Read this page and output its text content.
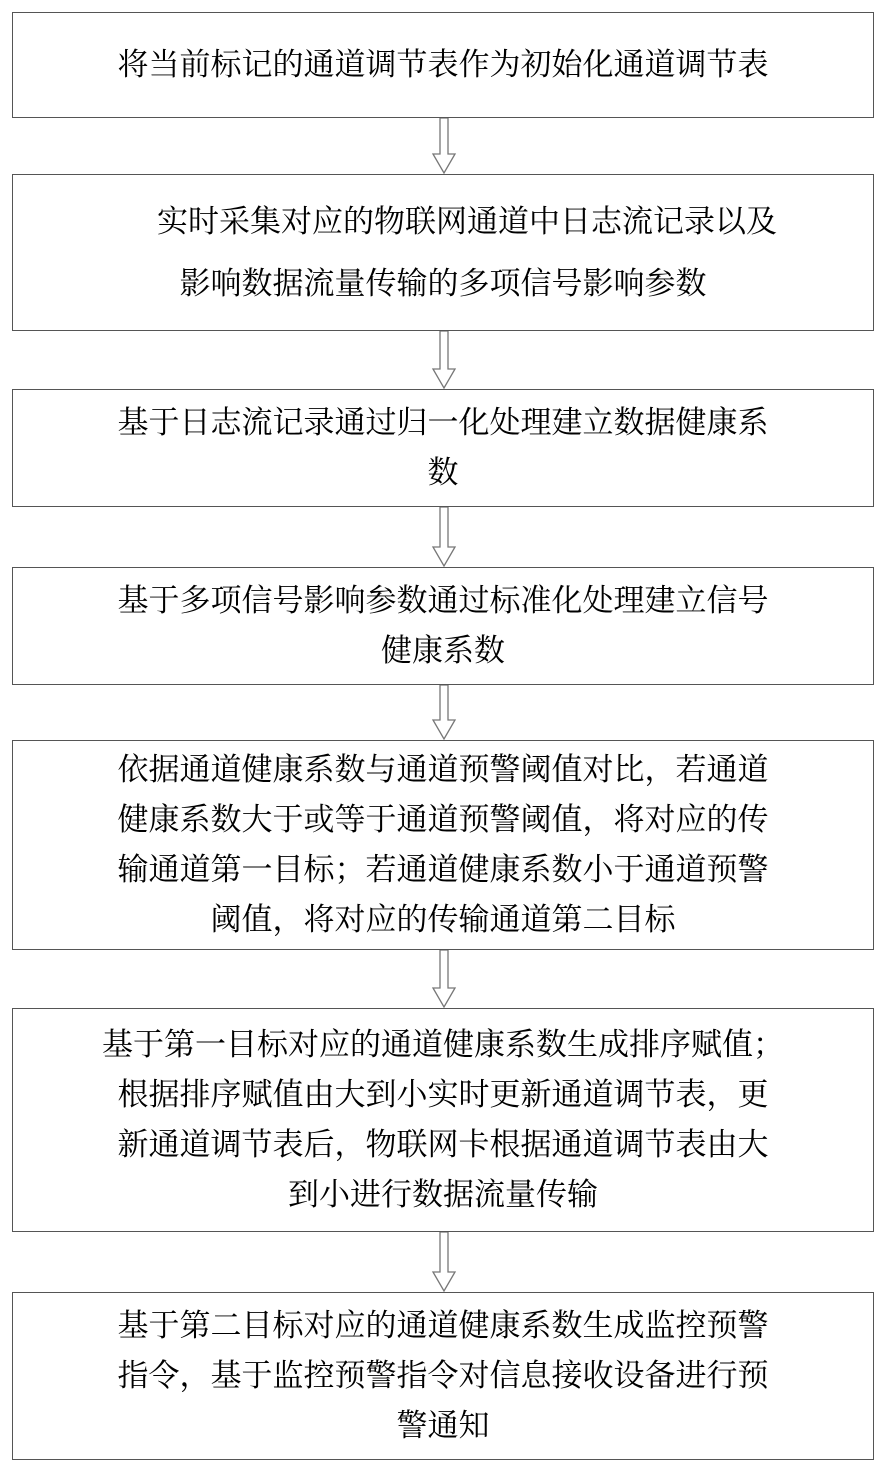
将当前标记的通道调节表作为初始化通道调节表
实时采集对应的物联网通道中日志流记录以及
影响数据流量传输的多项信号影响参数
基于日志流记录通过归一化处理建立数据健康系
数
基于多项信号影响参数通过标准化处理建立信号
健康系数
依据通道健康系数与通道预警阈值对比，若通道
健康系数大于或等于通道预警阈值，将对应的传
输通道第一目标；若通道健康系数小于通道预警
阈值，将对应的传输通道第二目标
基于第一目标对应的通道健康系数生成排序赋值；
根据排序赋值由大到小实时更新通道调节表，更
新通道调节表后，物联网卡根据通道调节表由大
到小进行数据流量传输
基于第二目标对应的通道健康系数生成监控预警
指令，基于监控预警指令对信息接收设备进行预
警通知
